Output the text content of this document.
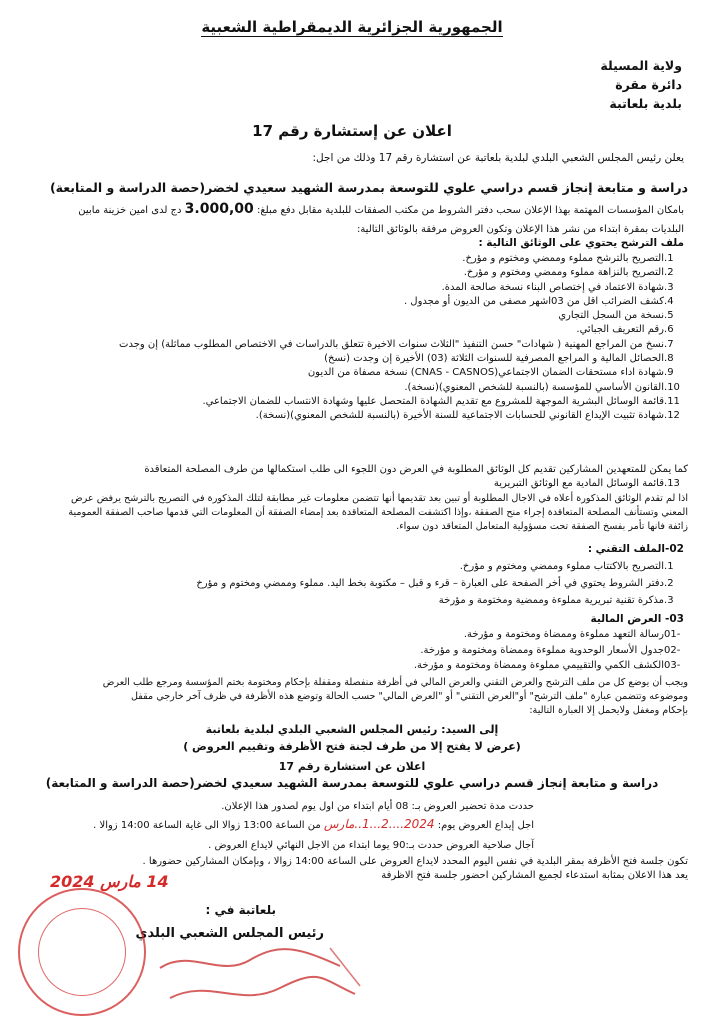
الجمهورية الجزائرية الديمقراطية الشعبية
ولاية المسيلة
دائرة مقرة
بلدية بلعاتبة
اعلان عن إستشارة رقم 17
يعلن رئيس المجلس الشعبي البلدي لبلدية بلعاتبة عن استشارة رقم 17 وذلك من اجل:
دراسة و متابعة إنجاز قسم دراسي علوي للتوسعة بمدرسة الشهيد سعيدي لخضر(حصة الدراسة و المتابعة)
بامكان المؤسسات المهتمة بهذا الإعلان سحب دفتر الشروط من مكتب الصفقات للبلدية مقابل دفع مبلغ: 3.000,00 دج لدى امين خزينة مابين
البلديات بمقرة ابتداء من نشر هذا الإعلان وتكون العروض مرفقة بالوثائق التالية:
ملف الترشح يحتوي على الوثائق التالية :
1.التصريح بالترشح مملوء وممضي ومختوم و مؤرخ.
2.التصريح بالنزاهة مملوء وممضي ومختوم و مؤرخ.
3.شهادة الاعتماد في إختصاص البناء نسخة صالحة المدة.
4.كشف الضرائب اقل من 03اشهر مصفى من الديون أو مجدول .
5.نسخة من السجل التجاري
6.رقم التعريف الجبائي.
7.نسخ من المراجع المهنية ( شهادات" حسن التنفيذ "الثلاث سنوات الاخيرة تتعلق بالدراسات في الاختصاص المطلوب مماثلة) إن وجدت
8.الحصائل المالية و المراجع المصرفية للسنوات الثلاثة (03) الأخيرة إن وجدت (نسخ)
9.شهادة اداء مستحقات الضمان الاجتماعي(CNAS - CASNOS) نسخة مصفاة من الديون
10.القانون الأساسي للمؤسسة (بالنسبة للشخص المعنوي)(نسخة).
11.قائمة الوسائل البشرية الموجهة للمشروع مع تقديم الشهادة المتحصل عليها وشهادة الانتساب للضمان الاجتماعي.
12.شهادة تثبيت الإيداع القانوني للحسابات الاجتماعية للسنة الأخيرة (بالنسبة للشخص المعنوي)(نسخة).
كما يمكن للمتعهدين المشاركين تقديم كل الوثائق المطلوبة في العرض دون اللجوء الى طلب استكمالها من طرف المصلحة المتعاقدة
13.قائمة الوسائل المادية مع الوثائق التبريرية
اذا لم تقدم الوثائق المذكورة أعلاه في الاجال المطلوبة أو تبين بعد تقديمها أنها تتضمن معلومات غير مطابقة لتلك المذكورة في التصريح بالترشح يرفض عرض
المعني وتستأنف المصلحة المتعاقدة إجراء منح الصفقة ،وإذا اكتشفت المصلحة المتعاقدة بعد إمضاء الصفقة أن المعلومات التي قدمها صاحب الصفقة العمومية
زائفة فانها تأمر بفسخ الصفقة تحت مسؤولية المتعامل المتعاقد دون سواء.
02-الملف التقني :
1.التصريح بالاكتتاب مملوء وممضي ومختوم و مؤرخ.
2.دفتر الشروط يحتوي في أخر الصفحة على العبارة – قرء و قبل – مكتوبة بخط اليد. مملوء وممضي ومختوم و مؤرخ
3.مذكرة تقنية تبريرية مملوءة وممضية ومختومة و مؤرخة
03- العرض المالية
-01رسالة التعهد مملوءة وممضاة ومختومة و مؤرخة.
-02جدول الأسعار الوحدوية مملوءة وممضاة ومختومة و مؤرخة.
-03الكشف الكمي والتقييمي مملوءة وممضاة ومختومة و مؤرخة.
ويجب أن يوضع كل من ملف الترشح والعرض التقني والعرض المالي في أظرفة منفصلة ومقفلة بإحكام ومختومة بختم المؤسسة ومرجع طلب العرض
وموضوعه وتتضمن عبارة "ملف الترشح" أو"العرض التقني" أو "العرض المالي" حسب الحالة وتوضع هذه الأظرفة في ظرف آخر خارجي مقفل
بإحكام ومغفل ولايحمل إلا العبارة التالية:
إلى السيد: رئيس المجلس الشعبي البلدي لبلدية بلعاتبة
(عرض لا يفتح إلا من طرف لجنة فتح الأظرفة وتقييم العروض )
اعلان عن استشارة رقم 17
دراسة و متابعة إنجاز قسم دراسي علوي للتوسعة بمدرسة الشهيد سعيدي لخضر(حصة الدراسة و المتابعة)
حددت مدة تحضير العروض بـ: 08 أيام ابتداء من اول يوم لصدور هذا الإعلان.
اجل إيداع العروض يوم: 2024....2...1..مارس من الساعة 13:00 زوالا الى غاية الساعة 14:00 زوالا .
آجال صلاحية العروض حددت بـ:90 يوما ابتداء من الاجل النهائي لايداع العروض .
تكون جلسة فتح الأظرفة بمقر البلدية في نفس اليوم المحدد لايداع العروض على الساعة 14:00 زوالا ، وبإمكان المشاركين حضورها .
يعد هذا الاعلان بمثابة استدعاء لجميع المشاركين احضور جلسة فتح الاظرفة
14 مارس 2024
بلعاتبة في :
رئيس المجلس الشعبي البلدي
